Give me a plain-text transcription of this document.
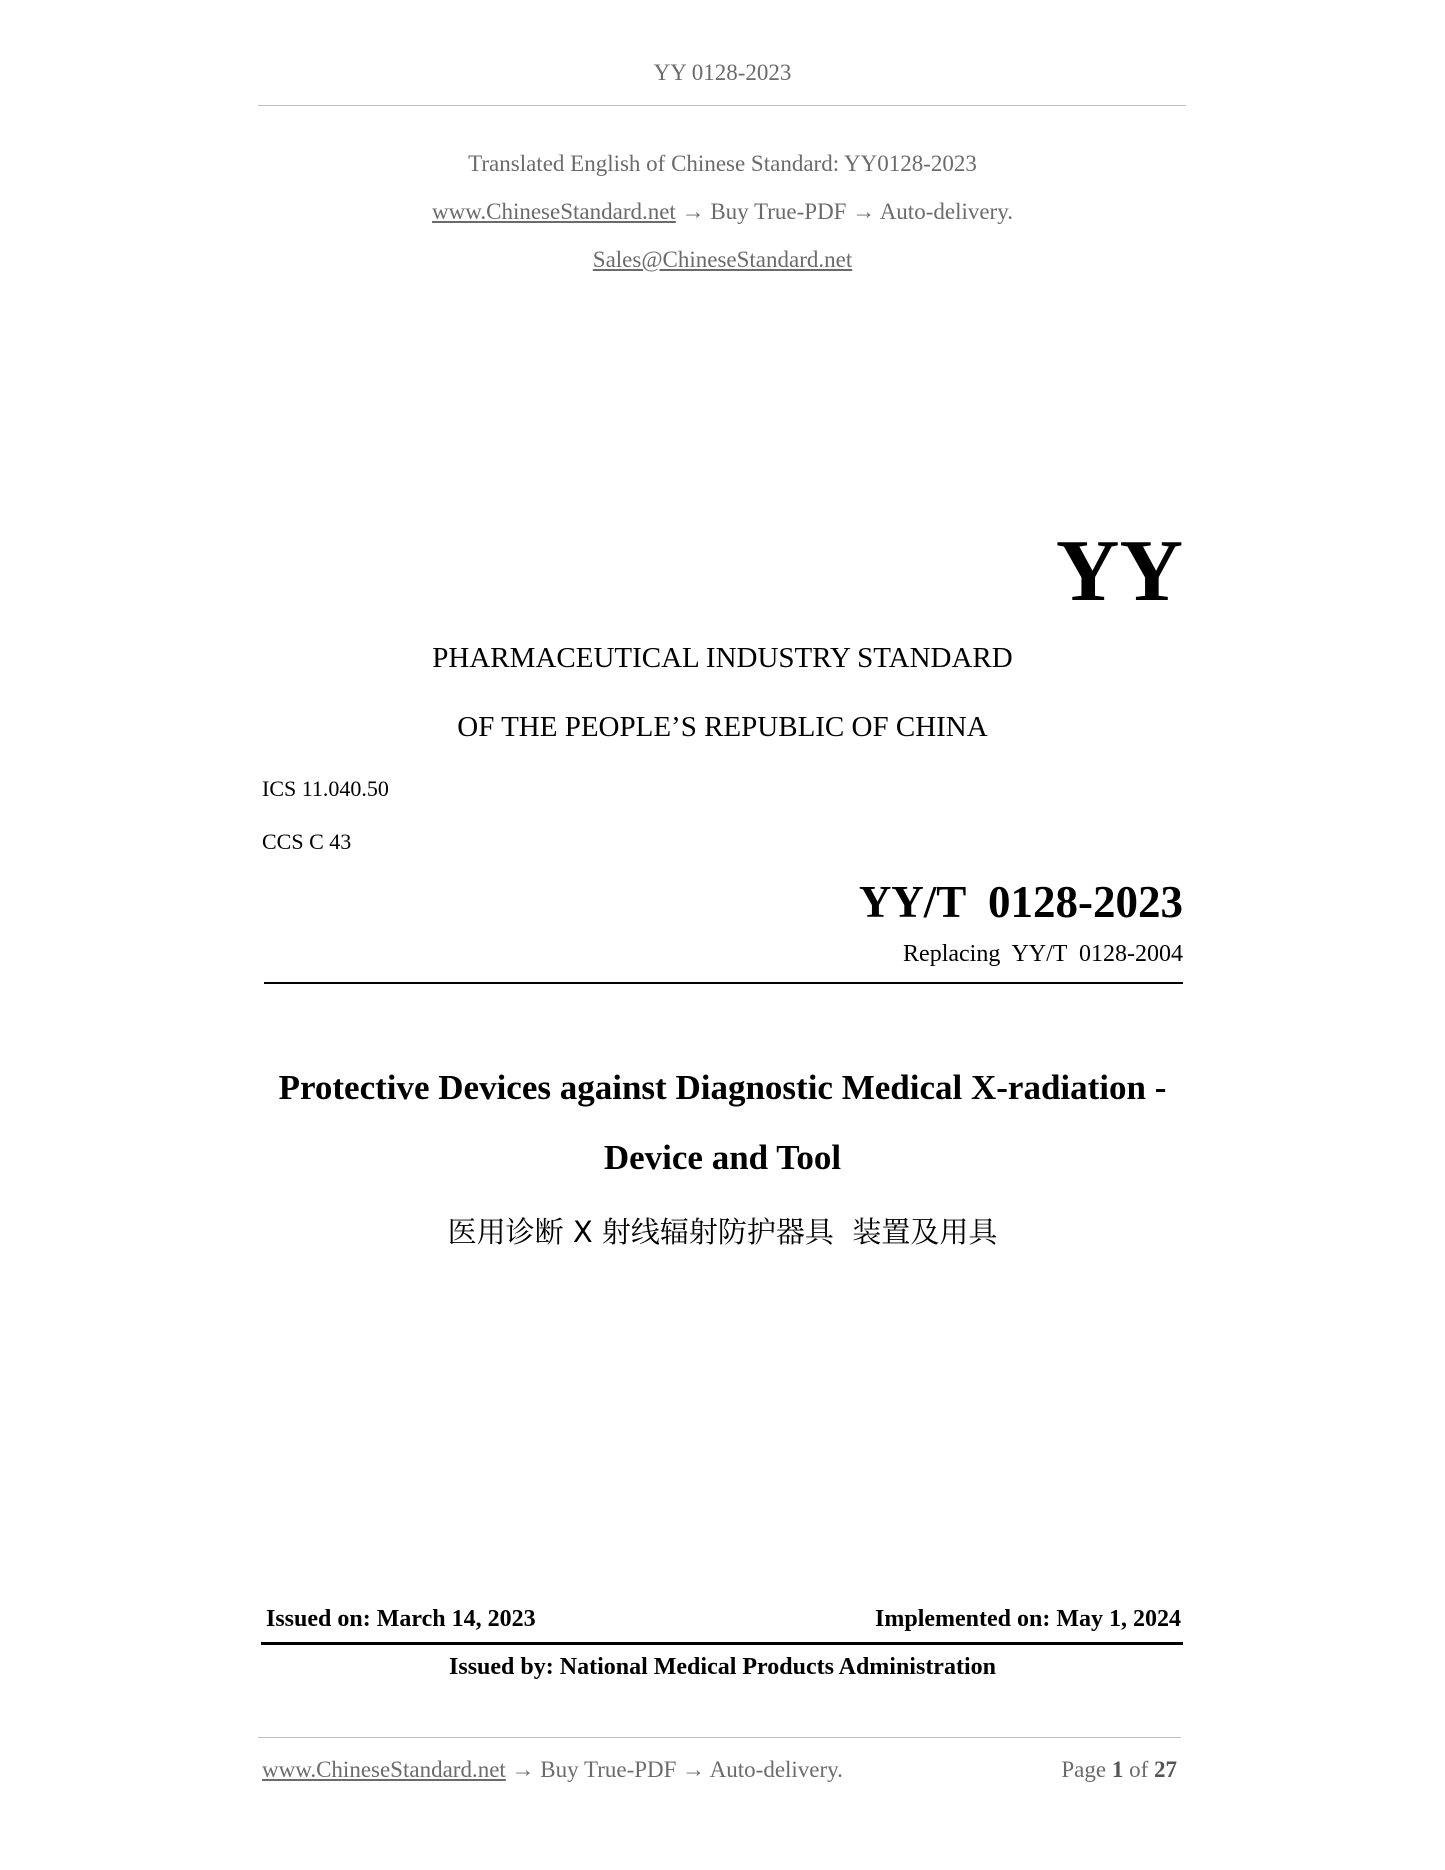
YY 0128-2023
Translated English of Chinese Standard: YY0128-2023
www.ChineseStandard.net → Buy True-PDF → Auto-delivery.
Sales@ChineseStandard.net
YY
PHARMACEUTICAL INDUSTRY STANDARD
OF THE PEOPLE’S REPUBLIC OF CHINA
ICS 11.040.50
CCS C 43
YY/T  0128-2023
Replacing  YY/T  0128-2004
Protective Devices against Diagnostic Medical X-radiation -
Device and Tool
医用诊断 X 射线辐射防护器具  装置及用具
Issued on: March 14, 2023	Implemented on: May 1, 2024
Issued by: National Medical Products Administration
www.ChineseStandard.net → Buy True-PDF → Auto-delivery.	Page 1 of 27
